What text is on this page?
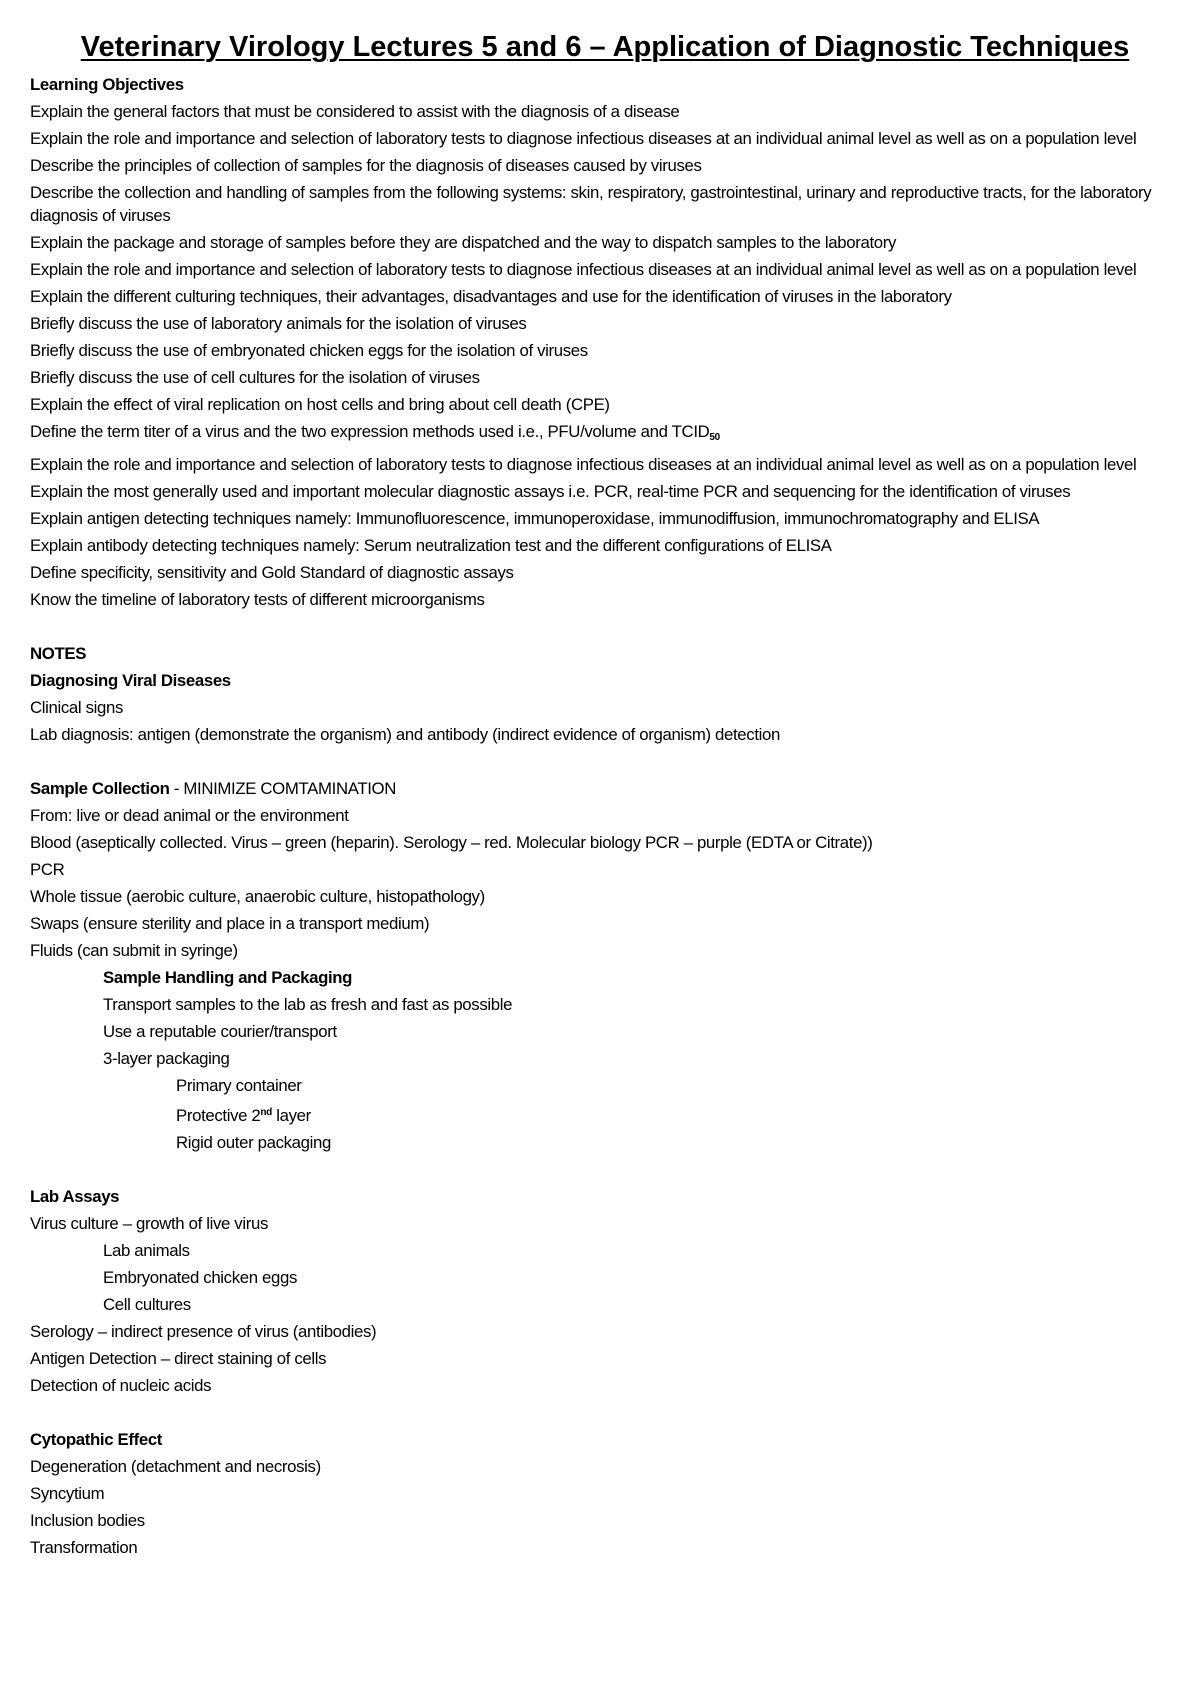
Veterinary Virology Lectures 5 and 6 – Application of Diagnostic Techniques
Learning Objectives
Explain the general factors that must be considered to assist with the diagnosis of a disease
Explain the role and importance and selection of laboratory tests to diagnose infectious diseases at an individual animal level as well as on a population level
Describe the principles of collection of samples for the diagnosis of diseases caused by viruses
Describe the collection and handling of samples from the following systems: skin, respiratory, gastrointestinal, urinary and reproductive tracts, for the laboratory diagnosis of viruses
Explain the package and storage of samples before they are dispatched and the way to dispatch samples to the laboratory
Explain the role and importance and selection of laboratory tests to diagnose infectious diseases at an individual animal level as well as on a population level
Explain the different culturing techniques, their advantages, disadvantages and use for the identification of viruses in the laboratory
Briefly discuss the use of laboratory animals for the isolation of viruses
Briefly discuss the use of embryonated chicken eggs for the isolation of viruses
Briefly discuss the use of cell cultures for the isolation of viruses
Explain the effect of viral replication on host cells and bring about cell death (CPE)
Define the term titer of a virus and the two expression methods used i.e., PFU/volume and $TCID_{50}$
Explain the role and importance and selection of laboratory tests to diagnose infectious diseases at an individual animal level as well as on a population level
Explain the most generally used and important molecular diagnostic assays i.e. PCR, real-time PCR and sequencing for the identification of viruses
Explain antigen detecting techniques namely: Immunofluorescence, immunoperoxidase, immunodiffusion, immunochromatography and ELISA
Explain antibody detecting techniques namely: Serum neutralization test and the different configurations of ELISA
Define specificity, sensitivity and Gold Standard of diagnostic assays
Know the timeline of laboratory tests of different microorganisms
NOTES
Diagnosing Viral Diseases
Clinical signs
Lab diagnosis: antigen (demonstrate the organism) and antibody (indirect evidence of organism) detection
Sample Collection - MINIMIZE COMTAMINATION
From: live or dead animal or the environment
Blood (aseptically collected. Virus – green (heparin). Serology – red. Molecular biology PCR – purple (EDTA or Citrate))
PCR
Whole tissue (aerobic culture, anaerobic culture, histopathology)
Swaps (ensure sterility and place in a transport medium)
Fluids (can submit in syringe)
Sample Handling and Packaging
Transport samples to the lab as fresh and fast as possible
Use a reputable courier/transport
3-layer packaging
Primary container
Protective 2nd layer
Rigid outer packaging
Lab Assays
Virus culture – growth of live virus
Lab animals
Embryonated chicken eggs
Cell cultures
Serology – indirect presence of virus (antibodies)
Antigen Detection – direct staining of cells
Detection of nucleic acids
Cytopathic Effect
Degeneration (detachment and necrosis)
Syncytium
Inclusion bodies
Transformation
